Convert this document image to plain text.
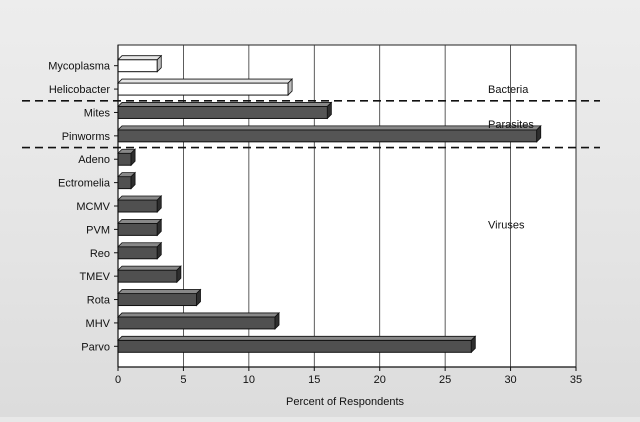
Mycoplasma
Helicobacter
Mites
Pinworms
Adeno
Ectromelia
MCMV
PVM
Reo
TMEV
Rota
MHV
Parvo
0	5	10	15	20	25	30	35
Bacteria
Parasites
Viruses
Percent of Respondents
